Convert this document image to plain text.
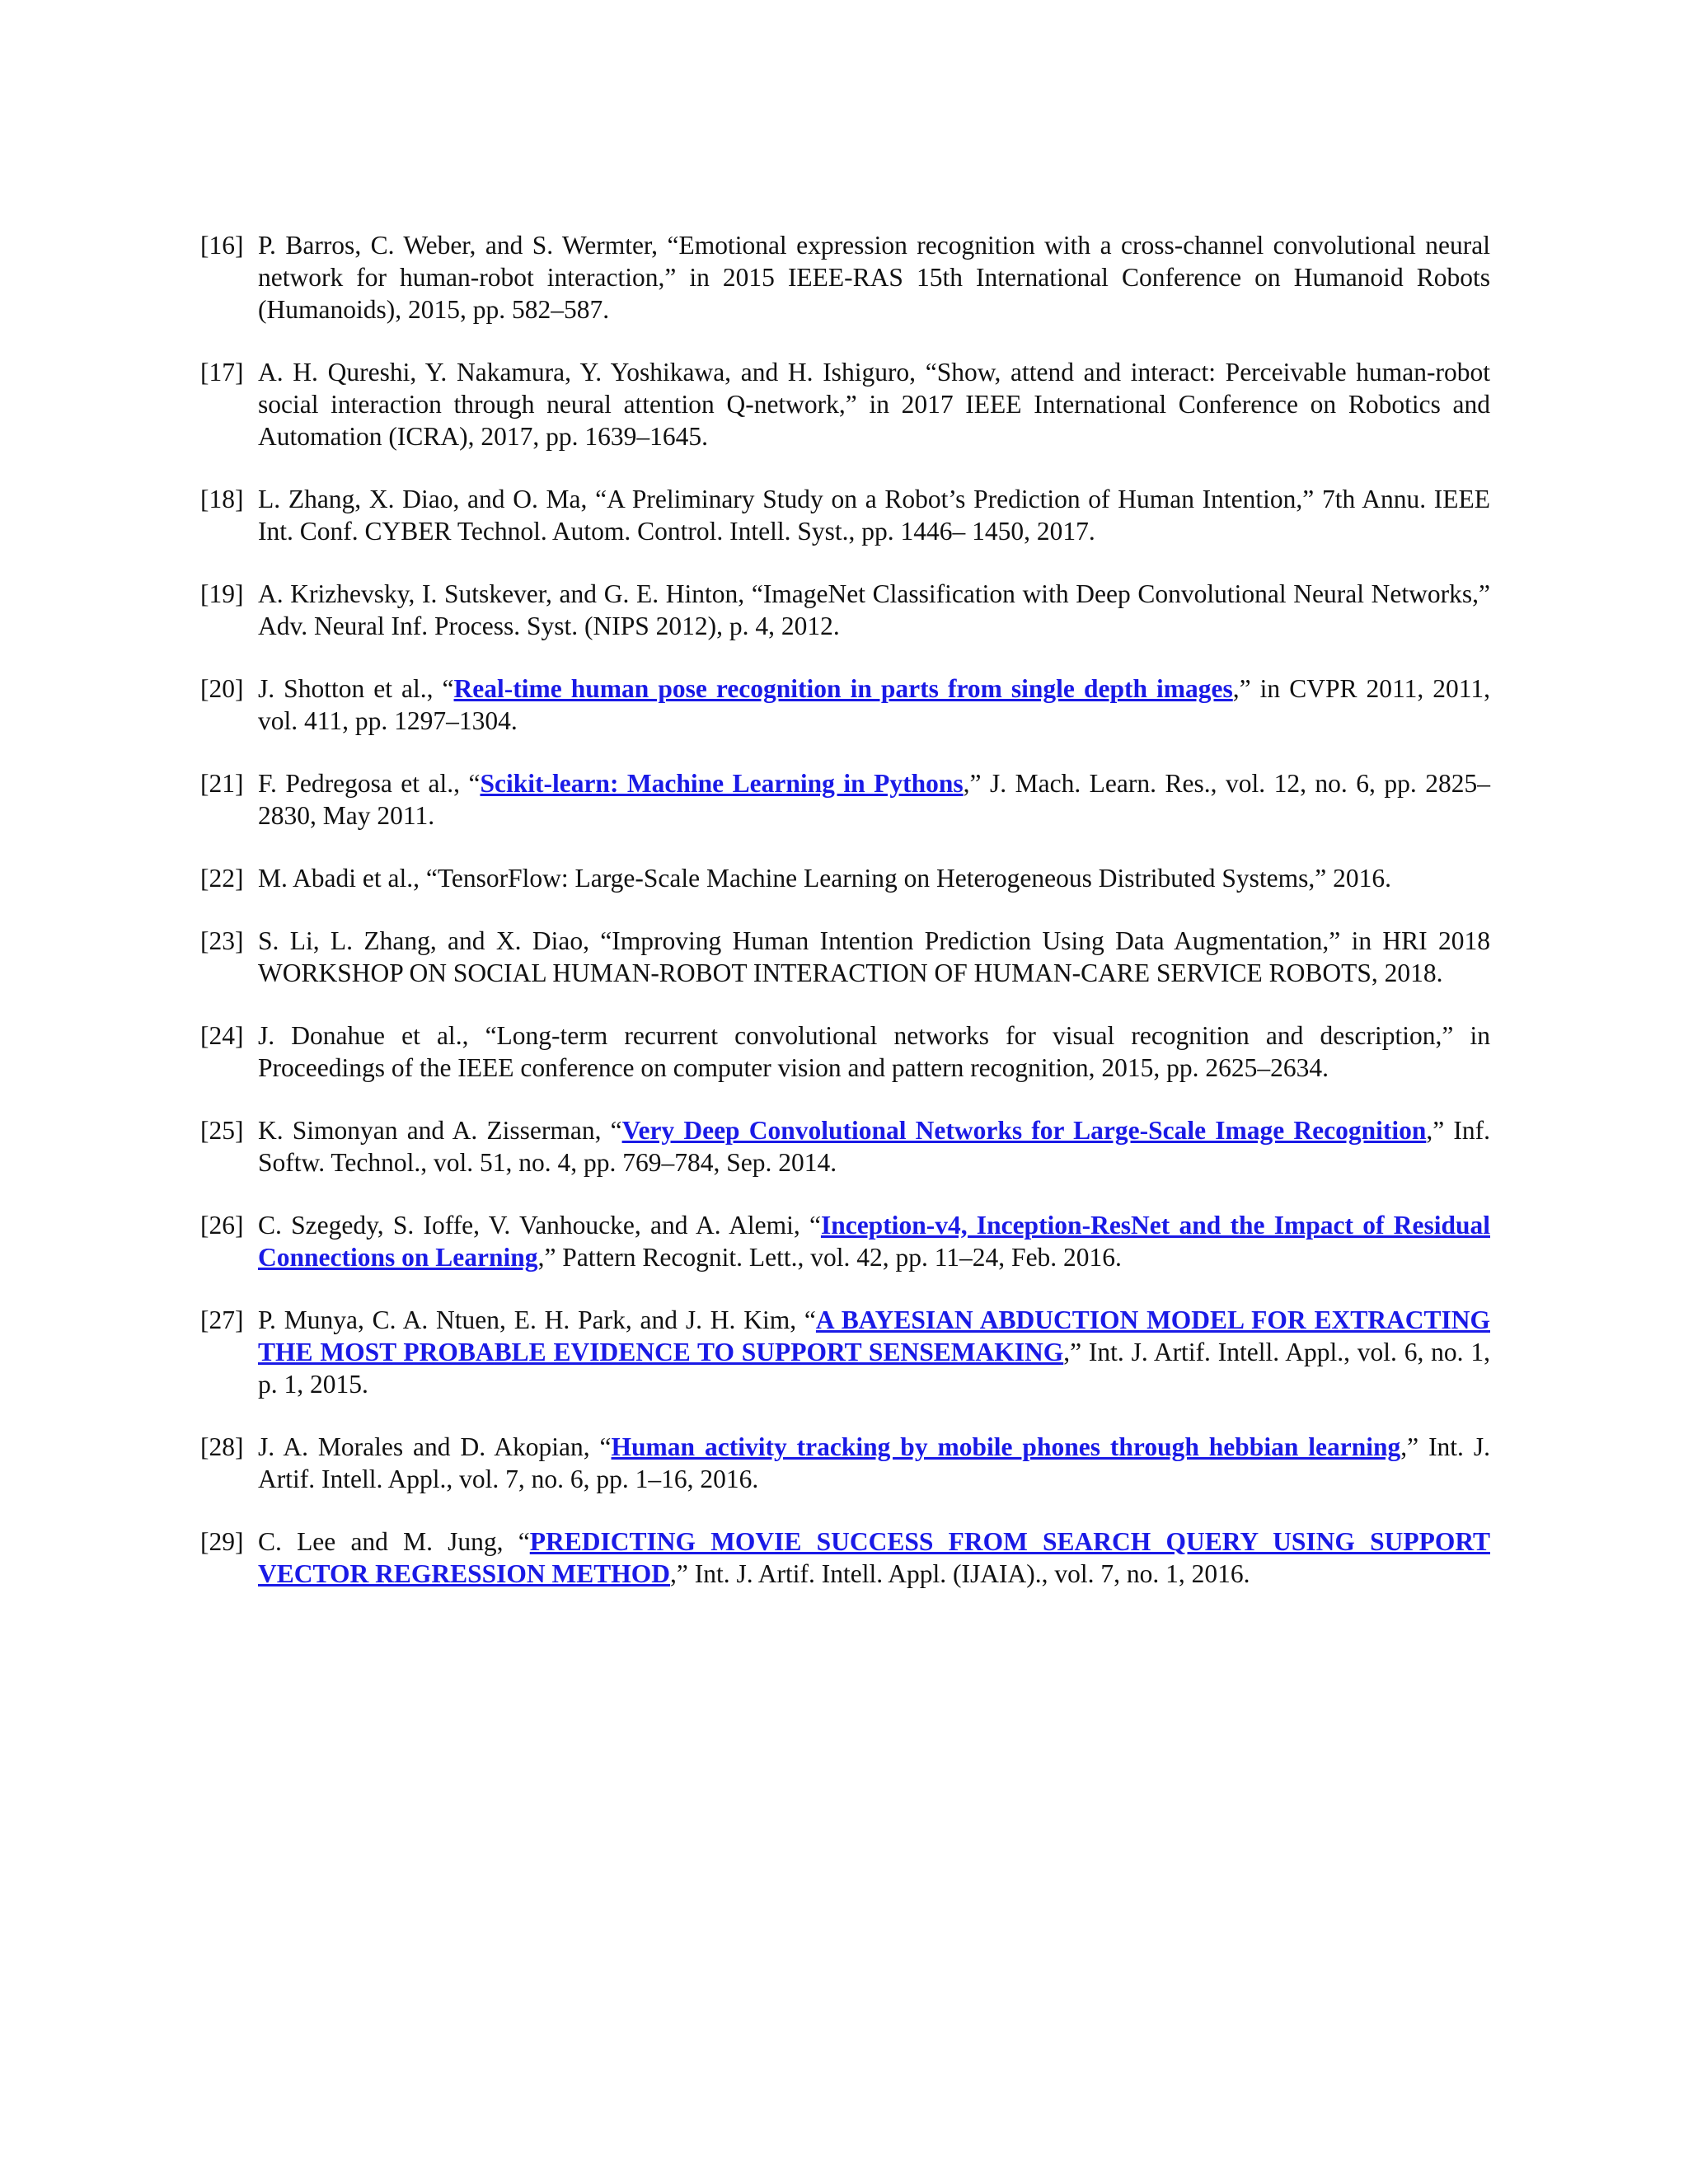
[16] P. Barros, C. Weber, and S. Wermter, “Emotional expression recognition with a cross-channel convolutional neural network for human-robot interaction,” in 2015 IEEE-RAS 15th International Conference on Humanoid Robots (Humanoids), 2015, pp. 582–587.
[17] A. H. Qureshi, Y. Nakamura, Y. Yoshikawa, and H. Ishiguro, “Show, attend and interact: Perceivable human-robot social interaction through neural attention Q-network,” in 2017 IEEE International Conference on Robotics and Automation (ICRA), 2017, pp. 1639–1645.
[18] L. Zhang, X. Diao, and O. Ma, “A Preliminary Study on a Robot’s Prediction of Human Intention,” 7th Annu. IEEE Int. Conf. CYBER Technol. Autom. Control. Intell. Syst., pp. 1446– 1450, 2017.
[19] A. Krizhevsky, I. Sutskever, and G. E. Hinton, “ImageNet Classification with Deep Convolutional Neural Networks,” Adv. Neural Inf. Process. Syst. (NIPS 2012), p. 4, 2012.
[20] J. Shotton et al., “Real-time human pose recognition in parts from single depth images,” in CVPR 2011, 2011, vol. 411, pp. 1297–1304.
[21] F. Pedregosa et al., “Scikit-learn: Machine Learning in Pythons,” J. Mach. Learn. Res., vol. 12, no. 6, pp. 2825–2830, May 2011.
[22] M. Abadi et al., “TensorFlow: Large-Scale Machine Learning on Heterogeneous Distributed Systems,” 2016.
[23] S. Li, L. Zhang, and X. Diao, “Improving Human Intention Prediction Using Data Augmentation,” in HRI 2018 WORKSHOP ON SOCIAL HUMAN-ROBOT INTERACTION OF HUMAN-CARE SERVICE ROBOTS, 2018.
[24] J. Donahue et al., “Long-term recurrent convolutional networks for visual recognition and description,” in Proceedings of the IEEE conference on computer vision and pattern recognition, 2015, pp. 2625–2634.
[25] K. Simonyan and A. Zisserman, “Very Deep Convolutional Networks for Large-Scale Image Recognition,” Inf. Softw. Technol., vol. 51, no. 4, pp. 769–784, Sep. 2014.
[26] C. Szegedy, S. Ioffe, V. Vanhoucke, and A. Alemi, “Inception-v4, Inception-ResNet and the Impact of Residual Connections on Learning,” Pattern Recognit. Lett., vol. 42, pp. 11–24, Feb. 2016.
[27] P. Munya, C. A. Ntuen, E. H. Park, and J. H. Kim, “A BAYESIAN ABDUCTION MODEL FOR EXTRACTING THE MOST PROBABLE EVIDENCE TO SUPPORT SENSEMAKING,” Int. J. Artif. Intell. Appl., vol. 6, no. 1, p. 1, 2015.
[28] J. A. Morales and D. Akopian, “Human activity tracking by mobile phones through hebbian learning,” Int. J. Artif. Intell. Appl., vol. 7, no. 6, pp. 1–16, 2016.
[29] C. Lee and M. Jung, “PREDICTING MOVIE SUCCESS FROM SEARCH QUERY USING SUPPORT VECTOR REGRESSION METHOD,” Int. J. Artif. Intell. Appl. (IJAIA)., vol. 7, no. 1, 2016.
